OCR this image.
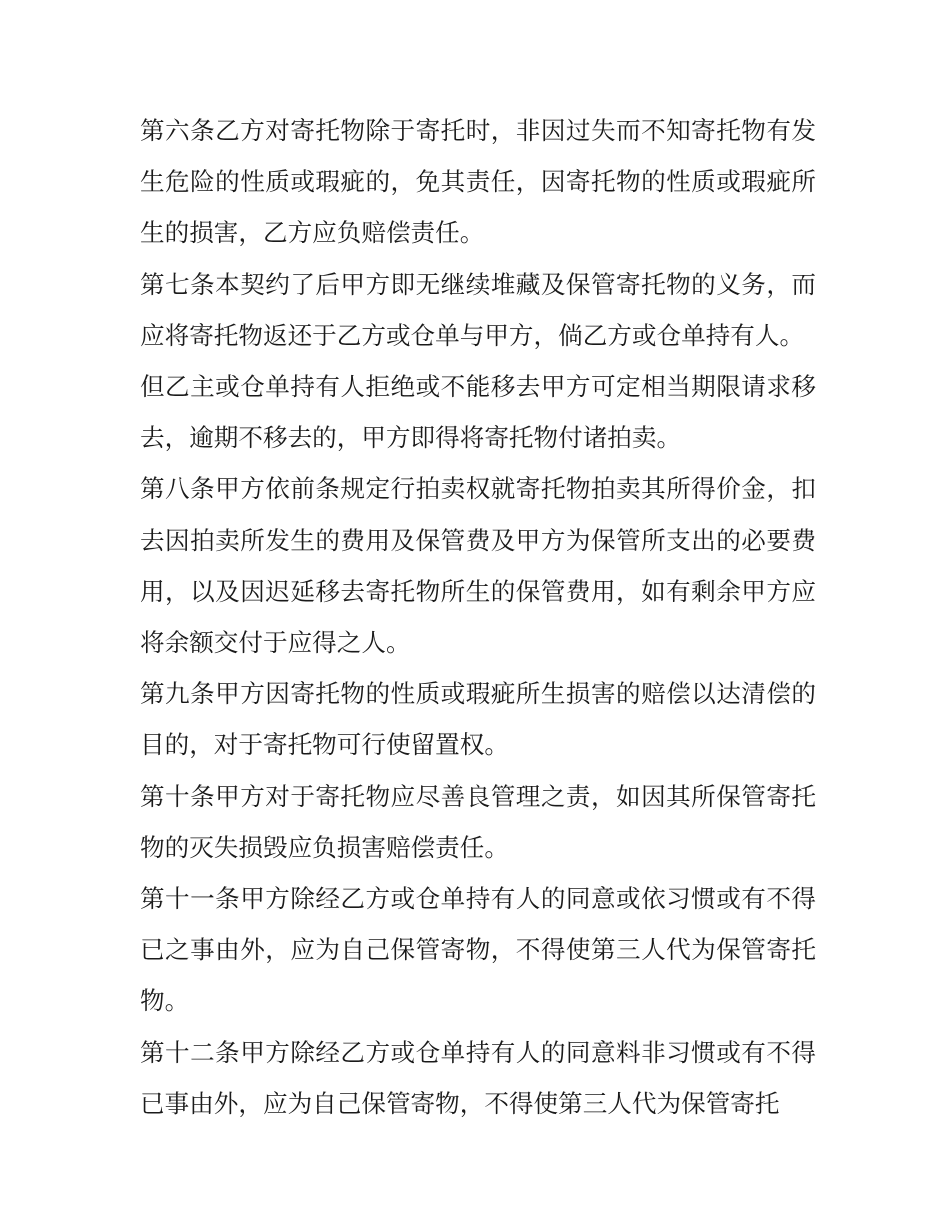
第六条乙方对寄托物除于寄托时，非因过失而不知寄托物有发生危险的性质或瑕疵的，免其责任，因寄托物的性质或瑕疵所生的损害，乙方应负赔偿责任。

第七条本契约了后甲方即无继续堆藏及保管寄托物的义务，而应将寄托物返还于乙方或仓单与甲方，倘乙方或仓单持有人。

但乙主或仓单持有人拒绝或不能移去甲方可定相当期限请求移去，逾期不移去的，甲方即得将寄托物付诸拍卖。

第八条甲方依前条规定行拍卖权就寄托物拍卖其所得价金，扣去因拍卖所发生的费用及保管费及甲方为保管所支出的必要费用，以及因迟延移去寄托物所生的保管费用，如有剩余甲方应将余额交付于应得之人。

第九条甲方因寄托物的性质或瑕疵所生损害的赔偿以达清偿的目的，对于寄托物可行使留置权。

第十条甲方对于寄托物应尽善良管理之责，如因其所保管寄托物的灭失损毁应负损害赔偿责任。

第十一条甲方除经乙方或仓单持有人的同意或依习惯或有不得已之事由外，应为自己保管寄物，不得使第三人代为保管寄托物。

第十二条甲方除经乙方或仓单持有人的同意料非习惯或有不得已事由外，应为自己保管寄物，不得使第三人代为保管寄托
